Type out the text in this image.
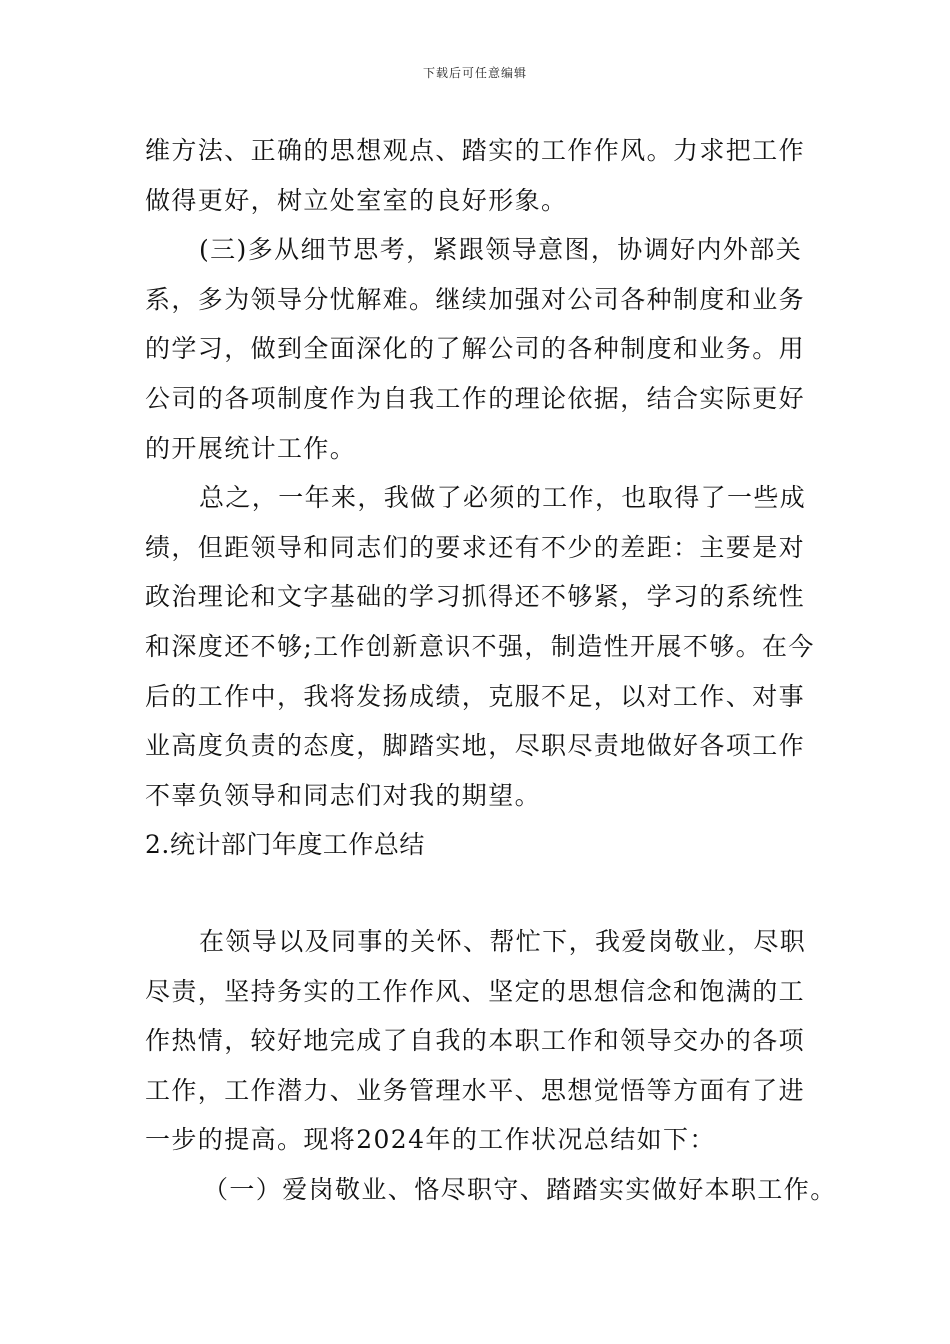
下载后可任意编辑
维方法、正确的思想观点、踏实的工作作风。力求把工作
做得更好，树立处室室的良好形象。
(三)多从细节思考，紧跟领导意图，协调好内外部关
系，多为领导分忧解难。继续加强对公司各种制度和业务
的学习，做到全面深化的了解公司的各种制度和业务。用
公司的各项制度作为自我工作的理论依据，结合实际更好
的开展统计工作。
总之，一年来，我做了必须的工作，也取得了一些成
绩，但距领导和同志们的要求还有不少的差距：主要是对
政治理论和文字基础的学习抓得还不够紧，学习的系统性
和深度还不够;工作创新意识不强，制造性开展不够。在今
后的工作中，我将发扬成绩，克服不足，以对工作、对事
业高度负责的态度，脚踏实地，尽职尽责地做好各项工作
不辜负领导和同志们对我的期望。
2.统计部门年度工作总结
在领导以及同事的关怀、帮忙下，我爱岗敬业，尽职
尽责，坚持务实的工作作风、坚定的思想信念和饱满的工
作热情，较好地完成了自我的本职工作和领导交办的各项
工作，工作潜力、业务管理水平、思想觉悟等方面有了进
一步的提高。现将2024年的工作状况总结如下：
（一）爱岗敬业、恪尽职守、踏踏实实做好本职工作。
